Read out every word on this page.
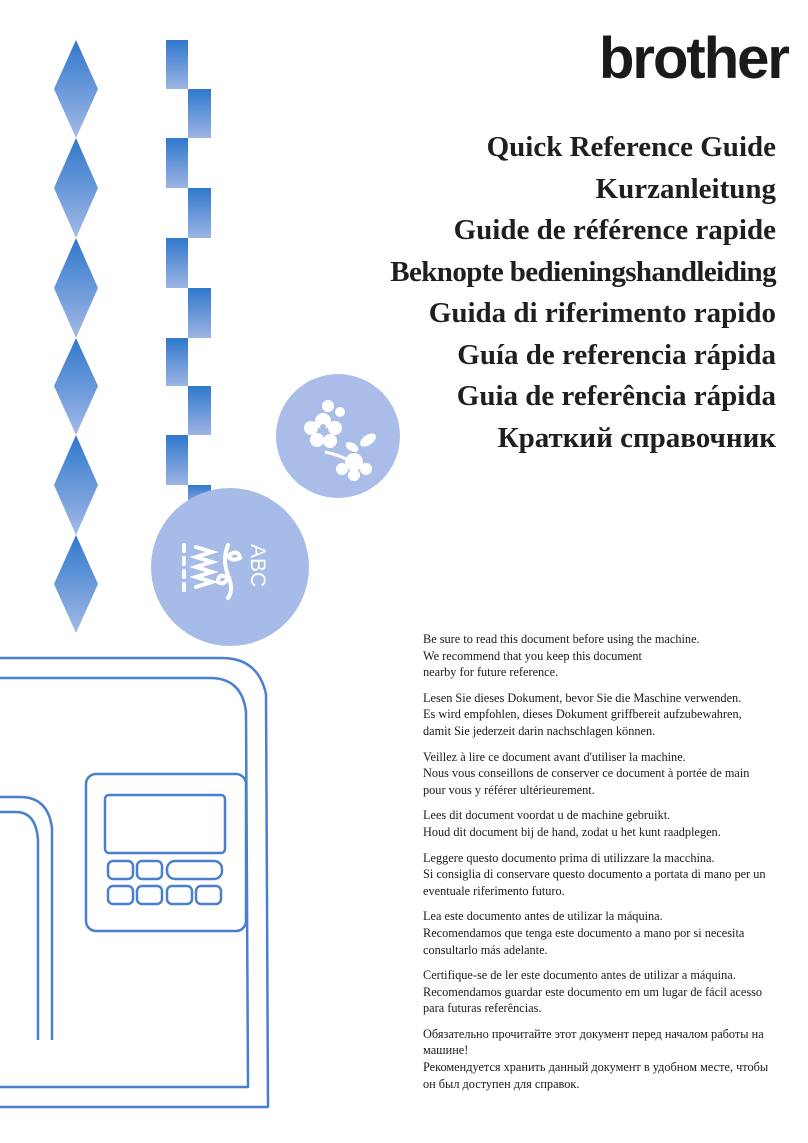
ABC
brother
Quick Reference Guide
Kurzanleitung
Guide de référence rapide
Beknopte bedieningshandleiding
Guida di riferimento rapido
Guía de referencia rápida
Guia de referência rápida
Краткий справочник

Be sure to read this document before using the machine.
We recommend that you keep this document
nearby for future reference.

Lesen Sie dieses Dokument, bevor Sie die Maschine verwenden.
Es wird empfohlen, dieses Dokument griffbereit aufzubewahren,
damit Sie jederzeit darin nachschlagen können.

Veillez à lire ce document avant d'utiliser la machine.
Nous vous conseillons de conserver ce document à portée de main
pour vous y référer ultérieurement.

Lees dit document voordat u de machine gebruikt.
Houd dit document bij de hand, zodat u het kunt raadplegen.

Leggere questo documento prima di utilizzare la macchina.
Si consiglia di conservare questo documento a portata di mano per un
eventuale riferimento futuro.

Lea este documento antes de utilizar la máquina.
Recomendamos que tenga este documento a mano por si necesita
consultarlo más adelante.

Certifique-se de ler este documento antes de utilizar a máquina.
Recomendamos guardar este documento em um lugar de fácil acesso
para futuras referências.

Обязательно прочитайте этот документ перед началом работы на
машине!
Рекомендуется хранить данный документ в удобном месте, чтобы
он был доступен для справок.
